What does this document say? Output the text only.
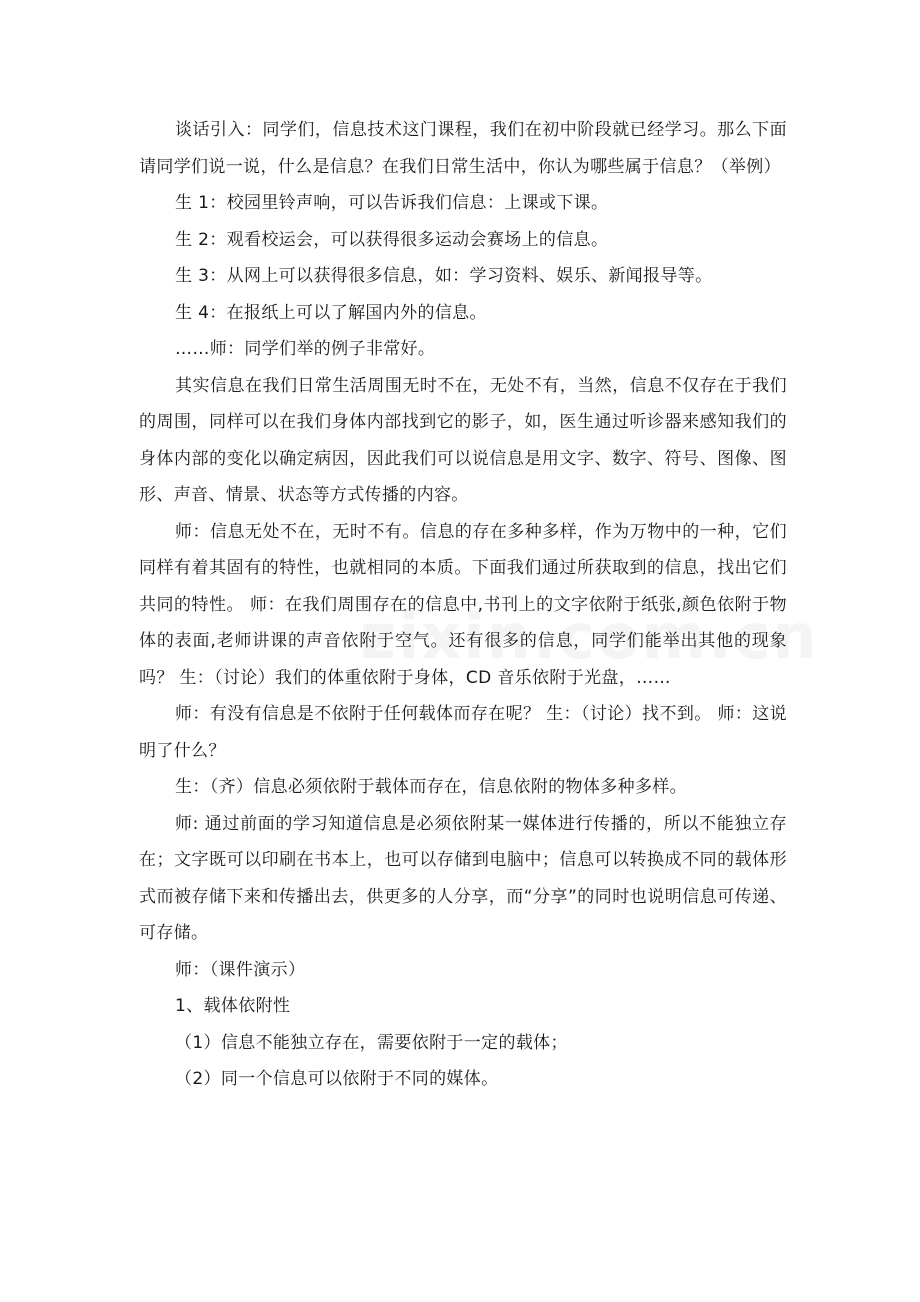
谈话引入：同学们，信息技术这门课程，我们在初中阶段就已经学习。那么下面请同学们说一说，什么是信息？在我们日常生活中，你认为哪些属于信息？（举例）

生 1：校园里铃声响，可以告诉我们信息：上课或下课。

生 2：观看校运会，可以获得很多运动会赛场上的信息。

生 3：从网上可以获得很多信息，如：学习资料、娱乐、新闻报导等。

生 4：在报纸上可以了解国内外的信息。

……师：同学们举的例子非常好。

其实信息在我们日常生活周围无时不在，无处不有，当然，信息不仅存在于我们的周围，同样可以在我们身体内部找到它的影子，如，医生通过听诊器来感知我们的身体内部的变化以确定病因，因此我们可以说信息是用文字、数字、符号、图像、图形、声音、情景、状态等方式传播的内容。

师：信息无处不在，无时不有。信息的存在多种多样，作为万物中的一种，它们同样有着其固有的特性，也就相同的本质。下面我们通过所获取到的信息，找出它们共同的特性。 师：在我们周围存在的信息中,书刊上的文字依附于纸张,颜色依附于物体的表面,老师讲课的声音依附于空气。还有很多的信息，同学们能举出其他的现象吗？ 生：（讨论）我们的体重依附于身体，CD 音乐依附于光盘，……

师：有没有信息是不依附于任何载体而存在呢？ 生：（讨论）找不到。 师：这说明了什么？

生：（齐）信息必须依附于载体而存在，信息依附的物体多种多样。

师: 通过前面的学习知道信息是必须依附某一媒体进行传播的，所以不能独立存在；文字既可以印刷在书本上，也可以存储到电脑中；信息可以转换成不同的载体形式而被存储下来和传播出去，供更多的人分享，而“分享”的同时也说明信息可传递、可存储。

师：（课件演示）

1、载体依附性

（1）信息不能独立存在，需要依附于一定的载体；

（2）同一个信息可以依附于不同的媒体。
